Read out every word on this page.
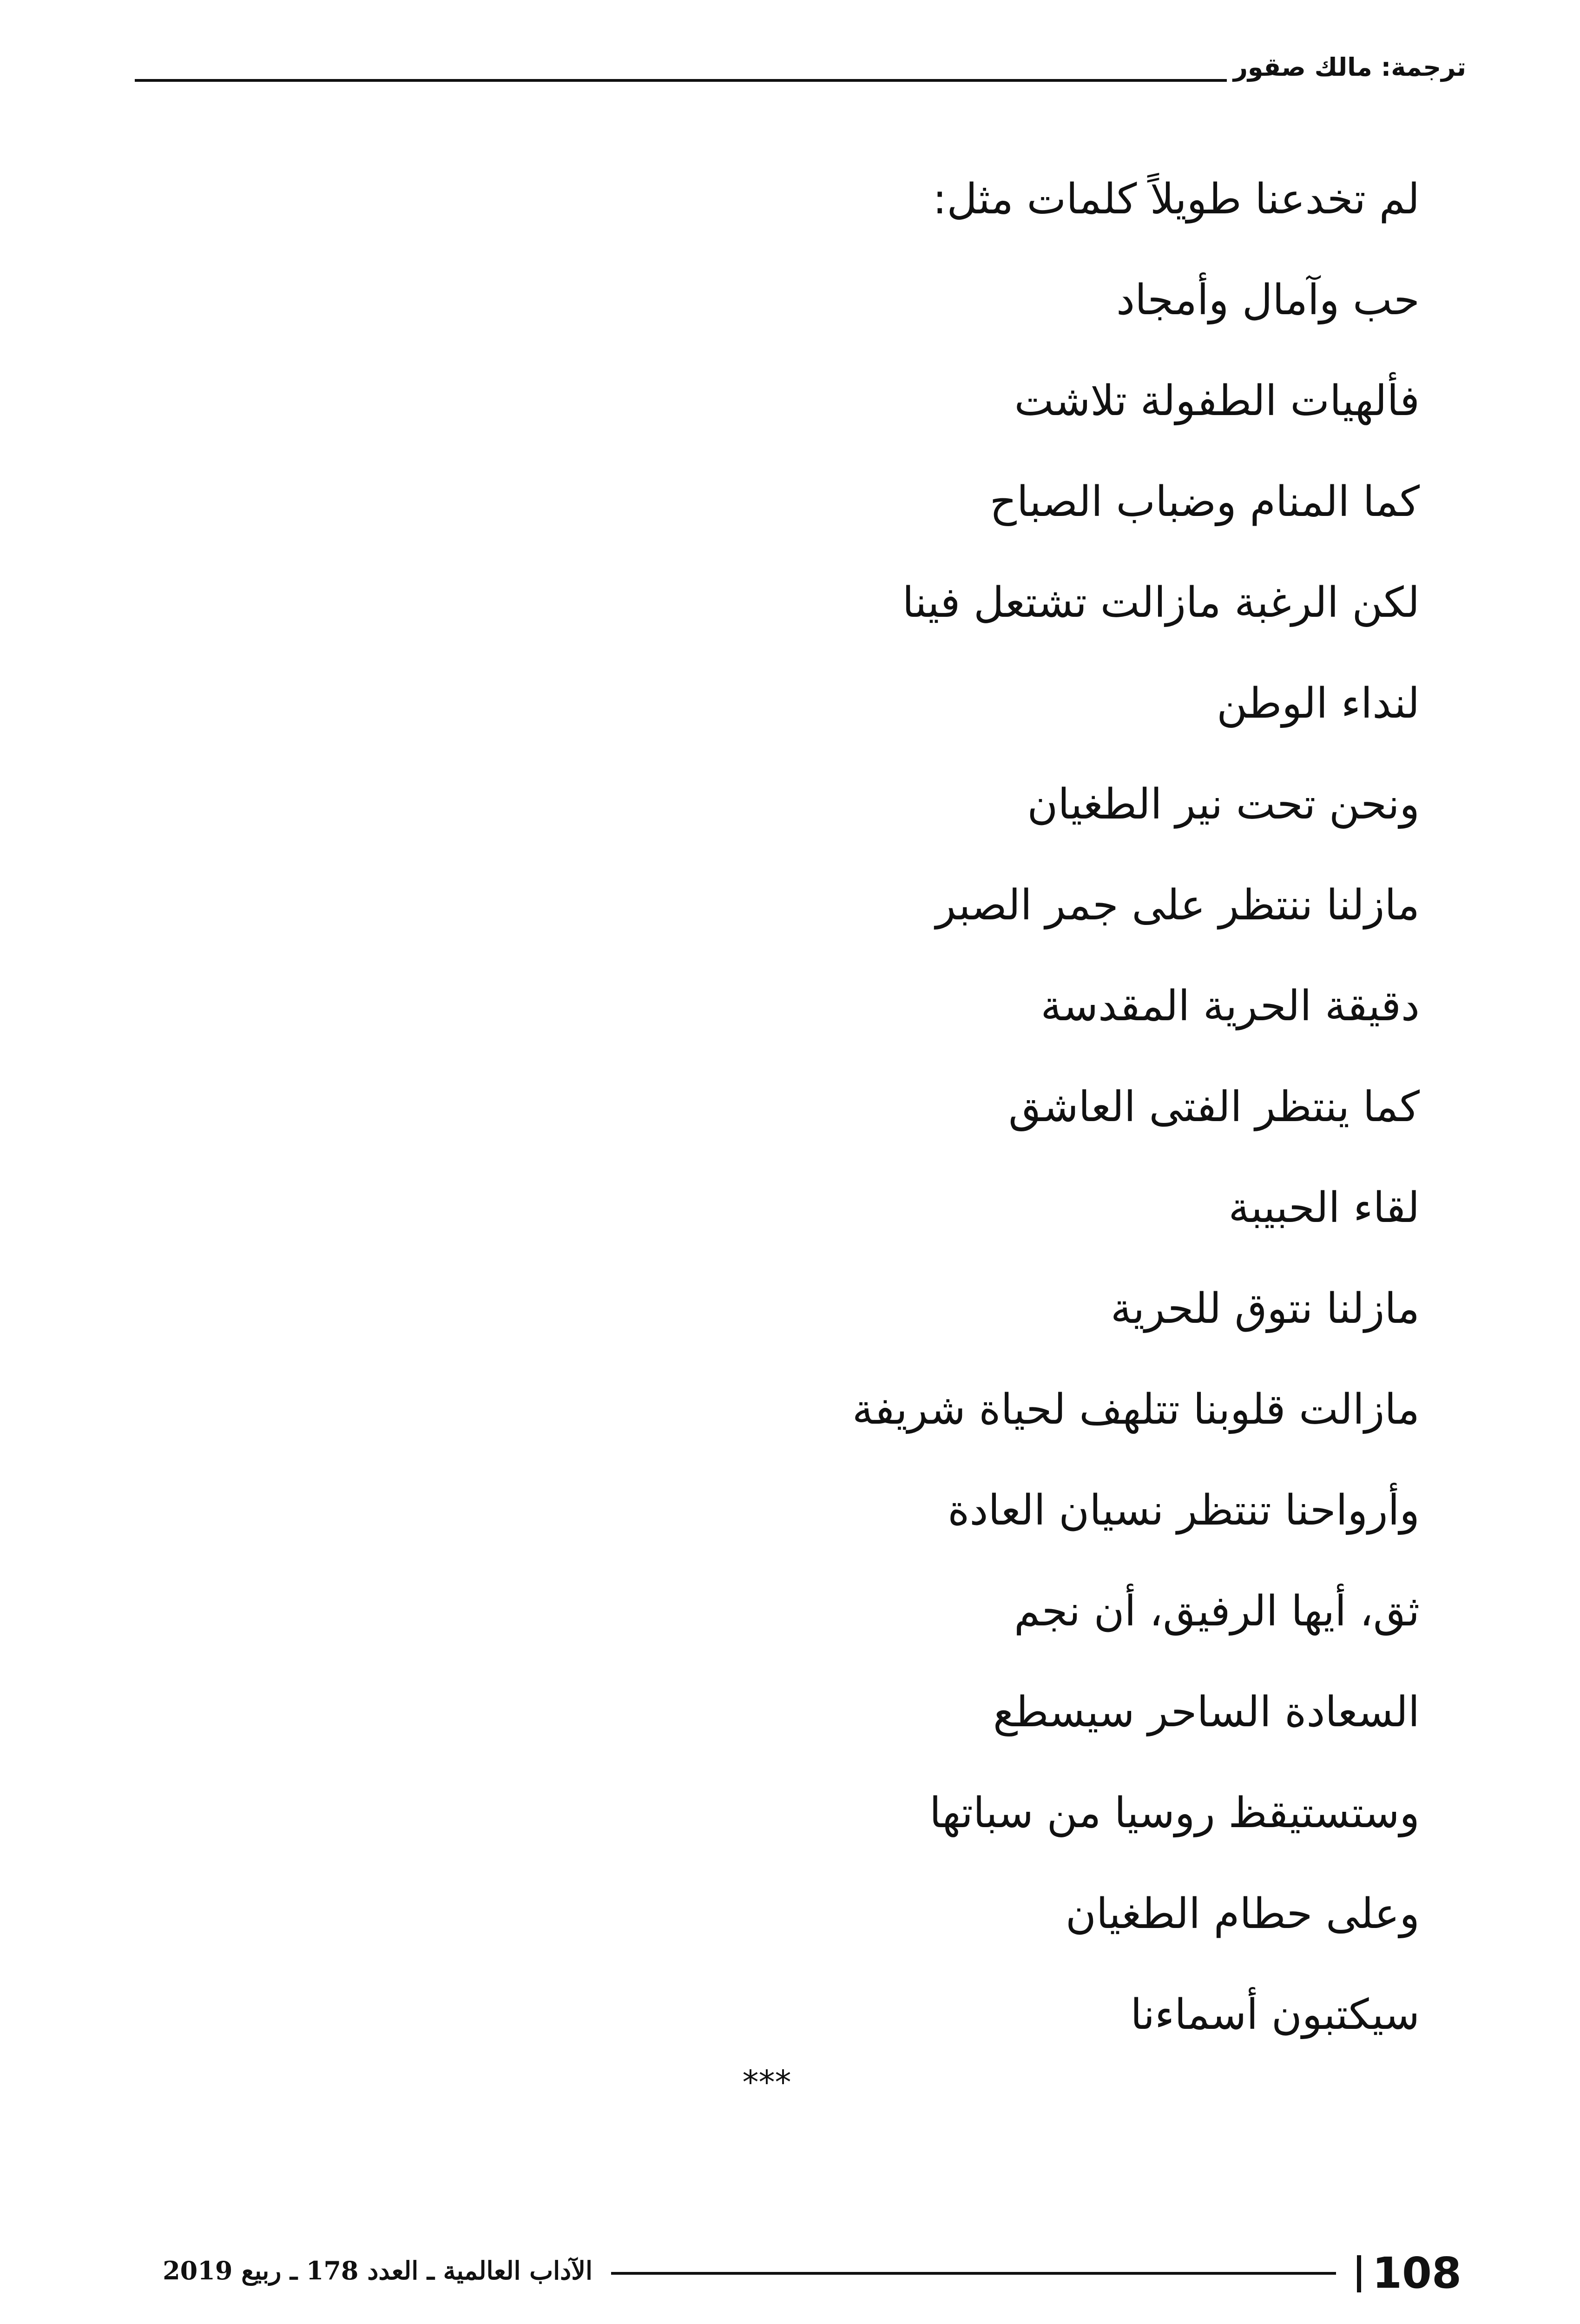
ترجمة: مالك صقور
لم تخدعنا طويلاً كلمات مثل:
حب وآمال وأمجاد
فألهيات الطفولة تلاشت
كما المنام وضباب الصباح
لكن الرغبة مازالت تشتعل فينا
لنداء الوطن
ونحن تحت نير الطغيان
مازلنا ننتظر على جمر الصبر
دقيقة الحرية المقدسة
كما ينتظر الفتى العاشق
لقاء الحبيبة
مازلنا نتوق للحرية
مازالت قلوبنا تتلهف لحياة شريفة
وأرواحنا تنتظر نسيان العادة
ثق، أيها الرفيق، أن نجم
السعادة الساحر سيسطع
وستستيقظ روسيا من سباتها
وعلى حطام الطغيان
سيكتبون أسماءنا
***
الآداب العالمية ـ العدد 178 ـ ربيع 2019	108
